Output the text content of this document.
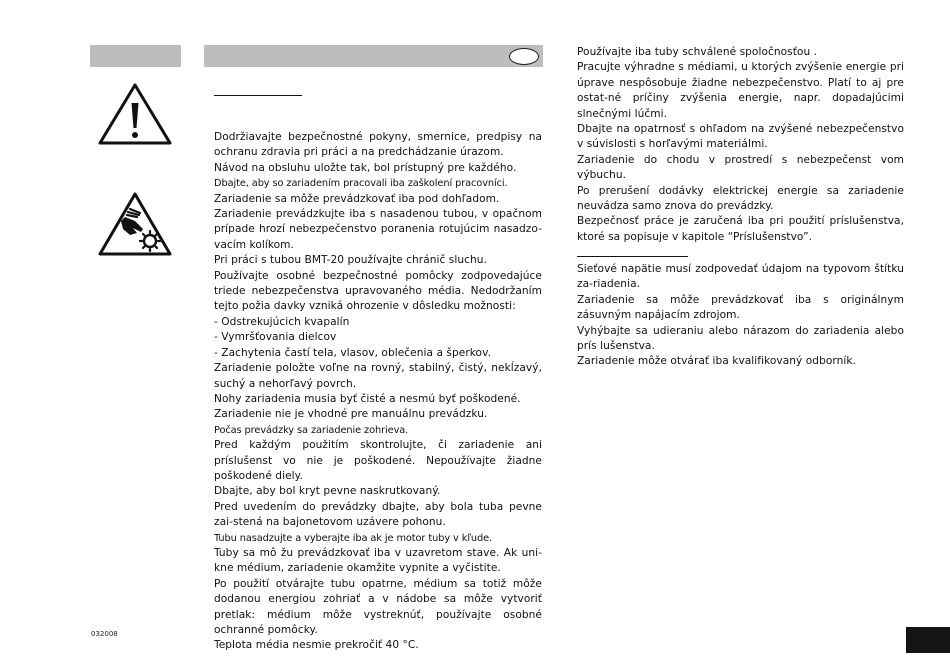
Dodržiavajte bezpečnostné pokyny, smernice, predpisy na ochranu zdravia pri práci a na predchádzanie úrazom.

Návod na obsluhu uložte tak, bol prístupný pre každého.

Dbajte, aby so zariadením pracovali iba zaškolení pracovníci.

Zariadenie sa môže prevádzkovať iba pod dohľadom.

Zariadenie prevádzkujte iba s nasadenou tubou, v opačnom prípade hrozí nebezpečenstvo poranenia rotujúcim nasadzo-vacím kolíkom.

Pri práci s tubou BMT-20 používajte chránič sluchu.

Používajte osobné bezpečnostné pomôcky zodpovedajúce triede nebezpečenstva upravovaného média. Nedodržaním tejto požia davky vzniká ohrozenie v dôsledku možnosti:

- Odstrekujúcich kvapalín

- Vymršťovania dielcov

- Zachytenia častí tela, vlasov, oblečenia a šperkov.

Zariadenie položte voľne na rovný, stabilný, čistý, nekĺzavý, suchý a nehorľavý povrch.

Nohy zariadenia musia byť čisté a nesmú byť poškodené.

Zariadenie nie je vhodné pre manuálnu prevádzku.

Počas prevádzky sa zariadenie zohrieva.

Pred každým použitím skontrolujte, či zariadenie ani príslušenst vo nie je poškodené. Nepoužívajte žiadne poškodené diely.

Dbajte, aby bol kryt pevne naskrutkovaný.

Pred uvedením do prevádzky dbajte, aby bola tuba pevne zai-stená na bajonetovom uzávere pohonu.

Tubu nasadzujte a vyberajte iba ak je motor tuby v kľude.

Tuby sa mô žu prevádzkovať iba v uzavretom stave. Ak uni-kne médium, zariadenie okamžite vypnite a vyčistite.

Po použití otvárajte tubu opatrne, médium sa totiž môže dodanou energiou zohriať a v nádobe sa môže vytvoriť pretlak: médium môže vystreknúť, používajte osobné ochranné pomôcky.

Teplota média nesmie prekročiť 40 °C.

Používajte iba tuby schválené spoločnosťou .

Pracujte výhradne s médiami, u ktorých zvýšenie energie pri úprave nespôsobuje žiadne nebezpečenstvo. Platí to aj pre ostat-né príčiny zvýšenia energie, napr. dopadajúcimi slnečnými lúčmi.

Dbajte na opatrnosť s ohľadom na zvýšené nebezpečenstvo v súvislosti s horľavými materiálmi.

Zariadenie do chodu v prostredí s nebezpečenst vom výbuchu.

Po prerušení dodávky elektrickej energie sa zariadenie neuvádza samo znova do prevádzky.

Bezpečnosť práce je zaručená iba pri použití príslušenstva, ktoré sa popisuje v kapitole “Príslušenstvo”.

Sieťové napätie musí zodpovedať údajom na typovom štítku za-riadenia.

Zariadenie sa môže prevádzkovať iba s originálnym zásuvným napájacím zdrojom.

Vyhýbajte sa udieraniu alebo nárazom do zariadenia alebo prís lušenstva.

Zariadenie môže otvárať iba kvalifikovaný odborník.

032008
